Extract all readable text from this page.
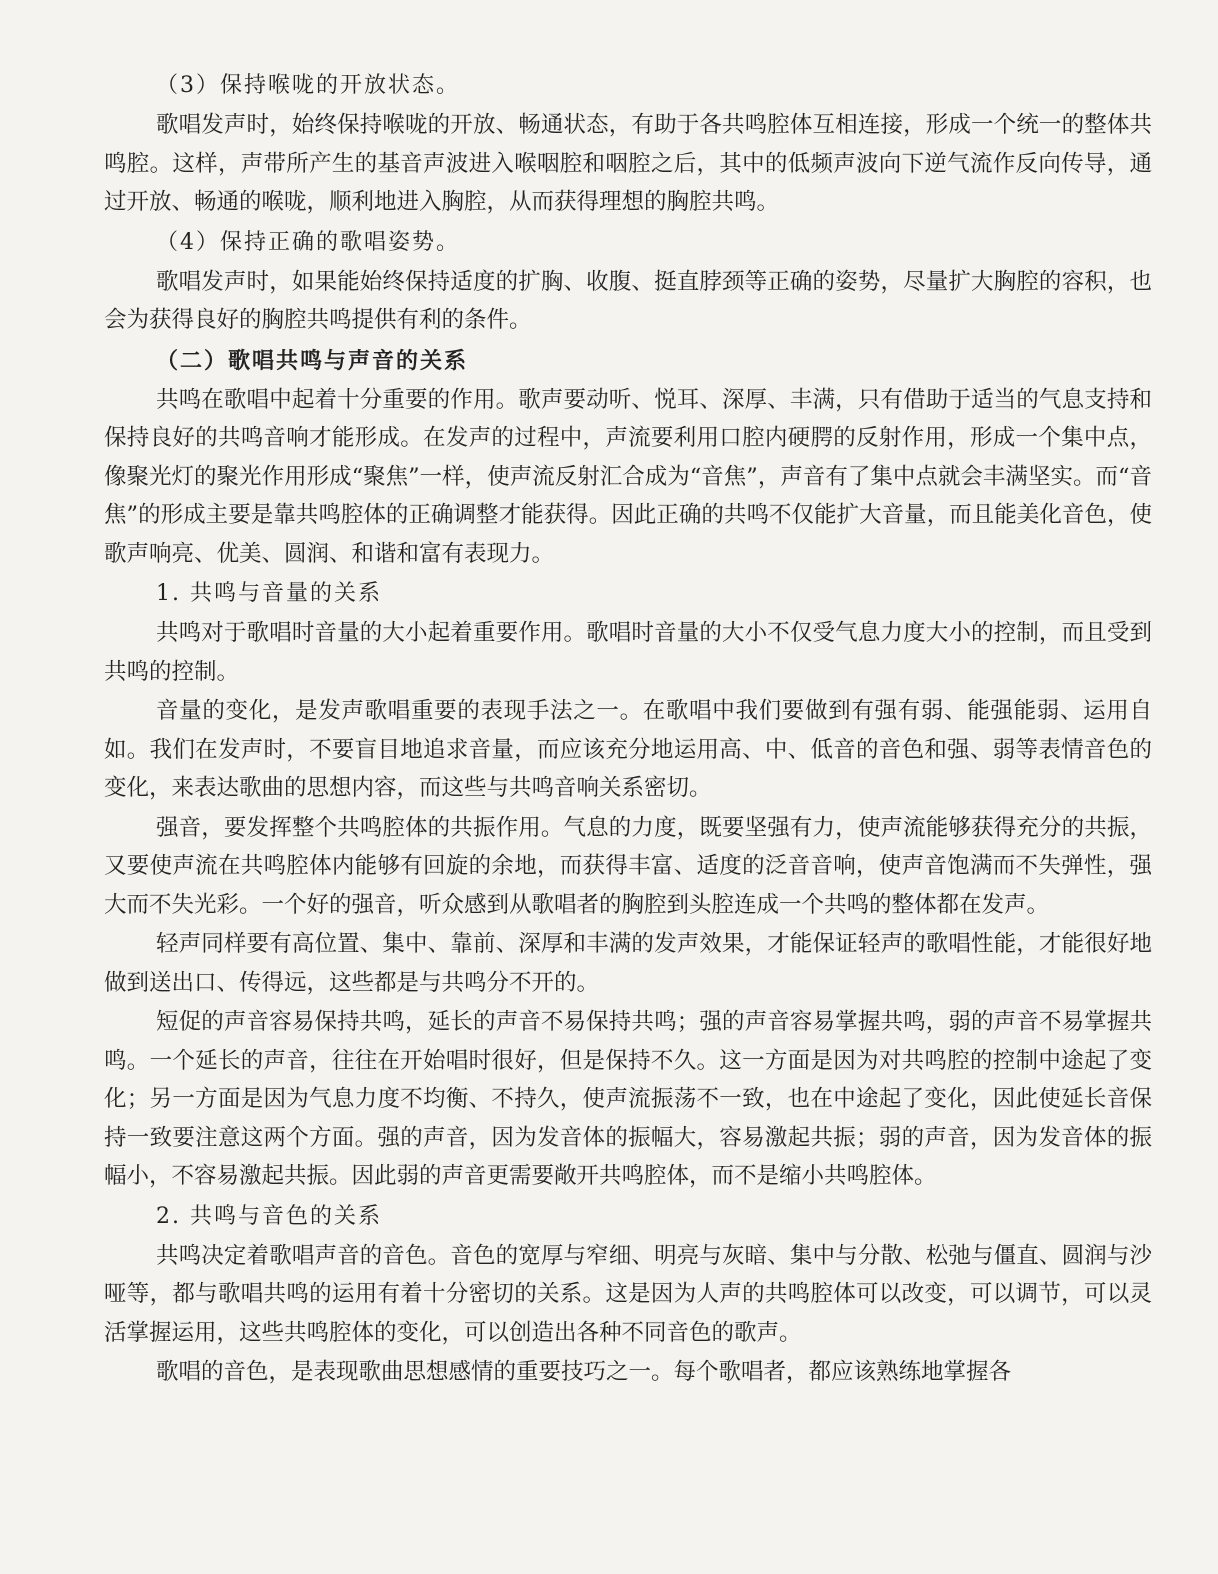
（3）保持喉咙的开放状态。

歌唱发声时，始终保持喉咙的开放、畅通状态，有助于各共鸣腔体互相连接，形成一个统一的整体共鸣腔。这样，声带所产生的基音声波进入喉咽腔和咽腔之后，其中的低频声波向下逆气流作反向传导，通过开放、畅通的喉咙，顺利地进入胸腔，从而获得理想的胸腔共鸣。

（4）保持正确的歌唱姿势。

歌唱发声时，如果能始终保持适度的扩胸、收腹、挺直脖颈等正确的姿势，尽量扩大胸腔的容积，也会为获得良好的胸腔共鸣提供有利的条件。

（二）歌唱共鸣与声音的关系

共鸣在歌唱中起着十分重要的作用。歌声要动听、悦耳、深厚、丰满，只有借助于适当的气息支持和保持良好的共鸣音响才能形成。在发声的过程中，声流要利用口腔内硬腭的反射作用，形成一个集中点，像聚光灯的聚光作用形成“聚焦”一样，使声流反射汇合成为“音焦”，声音有了集中点就会丰满坚实。而“音焦”的形成主要是靠共鸣腔体的正确调整才能获得。因此正确的共鸣不仅能扩大音量，而且能美化音色，使歌声响亮、优美、圆润、和谐和富有表现力。

1. 共鸣与音量的关系

共鸣对于歌唱时音量的大小起着重要作用。歌唱时音量的大小不仅受气息力度大小的控制，而且受到共鸣的控制。

音量的变化，是发声歌唱重要的表现手法之一。在歌唱中我们要做到有强有弱、能强能弱、运用自如。我们在发声时，不要盲目地追求音量，而应该充分地运用高、中、低音的音色和强、弱等表情音色的变化，来表达歌曲的思想内容，而这些与共鸣音响关系密切。

强音，要发挥整个共鸣腔体的共振作用。气息的力度，既要坚强有力，使声流能够获得充分的共振，又要使声流在共鸣腔体内能够有回旋的余地，而获得丰富、适度的泛音音响，使声音饱满而不失弹性，强大而不失光彩。一个好的强音，听众感到从歌唱者的胸腔到头腔连成一个共鸣的整体都在发声。

轻声同样要有高位置、集中、靠前、深厚和丰满的发声效果，才能保证轻声的歌唱性能，才能很好地做到送出口、传得远，这些都是与共鸣分不开的。

短促的声音容易保持共鸣，延长的声音不易保持共鸣；强的声音容易掌握共鸣，弱的声音不易掌握共鸣。一个延长的声音，往往在开始唱时很好，但是保持不久。这一方面是因为对共鸣腔的控制中途起了变化；另一方面是因为气息力度不均衡、不持久，使声流振荡不一致，也在中途起了变化，因此使延长音保持一致要注意这两个方面。强的声音，因为发音体的振幅大，容易激起共振；弱的声音，因为发音体的振幅小，不容易激起共振。因此弱的声音更需要敞开共鸣腔体，而不是缩小共鸣腔体。

2. 共鸣与音色的关系

共鸣决定着歌唱声音的音色。音色的宽厚与窄细、明亮与灰暗、集中与分散、松弛与僵直、圆润与沙哑等，都与歌唱共鸣的运用有着十分密切的关系。这是因为人声的共鸣腔体可以改变，可以调节，可以灵活掌握运用，这些共鸣腔体的变化，可以创造出各种不同音色的歌声。

歌唱的音色，是表现歌曲思想感情的重要技巧之一。每个歌唱者，都应该熟练地掌握各
